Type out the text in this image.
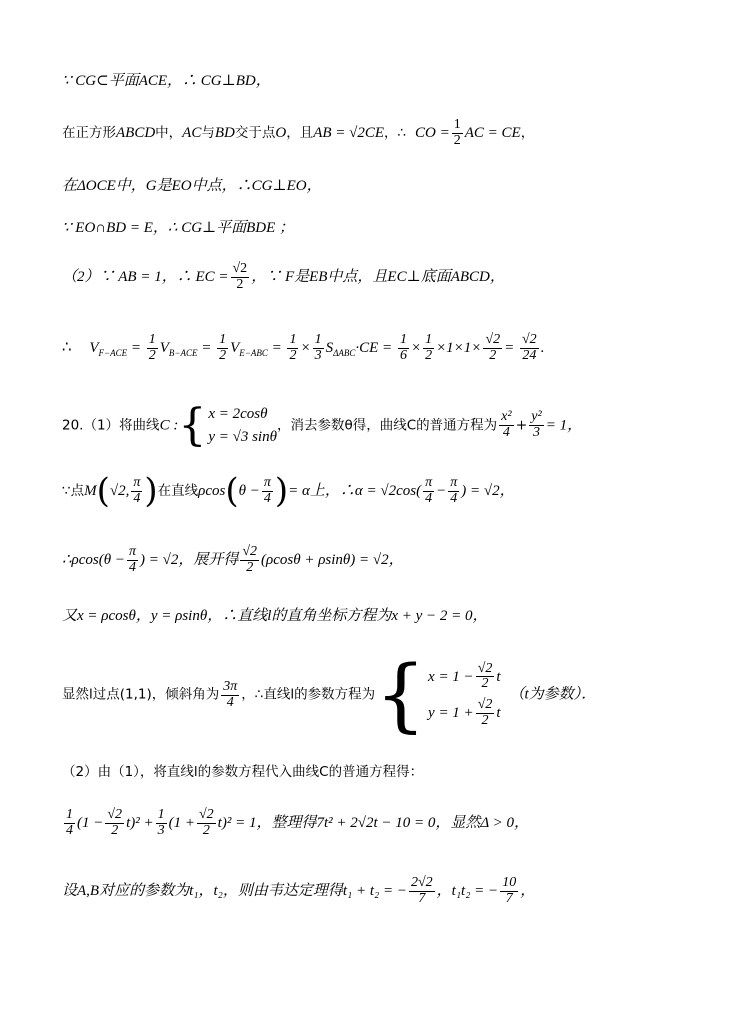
∵ CG⊂平面ACE，∴ CG⊥BD，
在正方形ABCD中，AC与BD交于点O，且AB = √2CE，∴ CO = $\frac{1}{2}$ AC = CE，
在ΔOCE中，G是EO中点，∴CG⊥EO，
∵ EO∩BD = E，∴ CG⊥平面BDE ；
（2）∵ AB = 1，∴ EC = $\frac{√2}{2}$ ，∵ F是EB中点，且EC⊥底面ABCD，
∴ $V_{F-ACE} = \frac{1}{2} V_{B-ACE} = \frac{1}{2} V_{E-ABC} = \frac{1}{2} \times \frac{1}{3} S_{\Delta ABC}\cdot CE = \frac{1}{6} \times \frac{1}{2} \times 1\times 1\times \frac{√2}{2} = \frac{√2}{24}$ .
20.（1）将曲线C :{ x = 2cosθ
y = √3 sinθ
，消去参数θ得，曲线C的普通方程为 $\frac{\text{x²}}{4} + \frac{\text{y²}}{3} = 1$，
∵点M(√2, $\frac{\pi}{4}$ )在直线$\rho\cos(\theta - \frac{\pi}{4}$ )= α上，∴α = $√2\cos( \frac{\pi}{4} - \frac{\pi}{4}$ ) = √2，
∴ρcos(θ − $\frac{\pi}{4}$ ) = √2，展开得 $\frac{√2}{2} (\rho\cos\theta + \rho\sin\theta) = √2$，
又x = ρcosθ，y = ρsinθ，∴直线l的直角坐标方程为x + y − 2 = 0，
显然l过点(1,1)，倾斜角为 $\frac{3\pi}{4}$ ，∴直线l的参数方程为{ $x = 1 - \frac{√2}{2}$ t
$y = 1 + \frac{√2}{2}$ t
（t为参数）．
（2）由（1），将直线l的参数方程代入曲线C的普通方程得：
$\frac{1}{4} (1 - \frac{√2}{2} t)^2 + \frac{1}{3} (1 + \frac{√2}{2} t)^2 = 1$，整理得7t² + 2√2t − 10 = 0，显然Δ > 0，
设A,B对应的参数为t₁，t₂，则由韦达定理得t₁ + t₂ = − $\frac{2√2}{7}$ ，t₁t₂ = − $\frac{10}{7}$ ，
